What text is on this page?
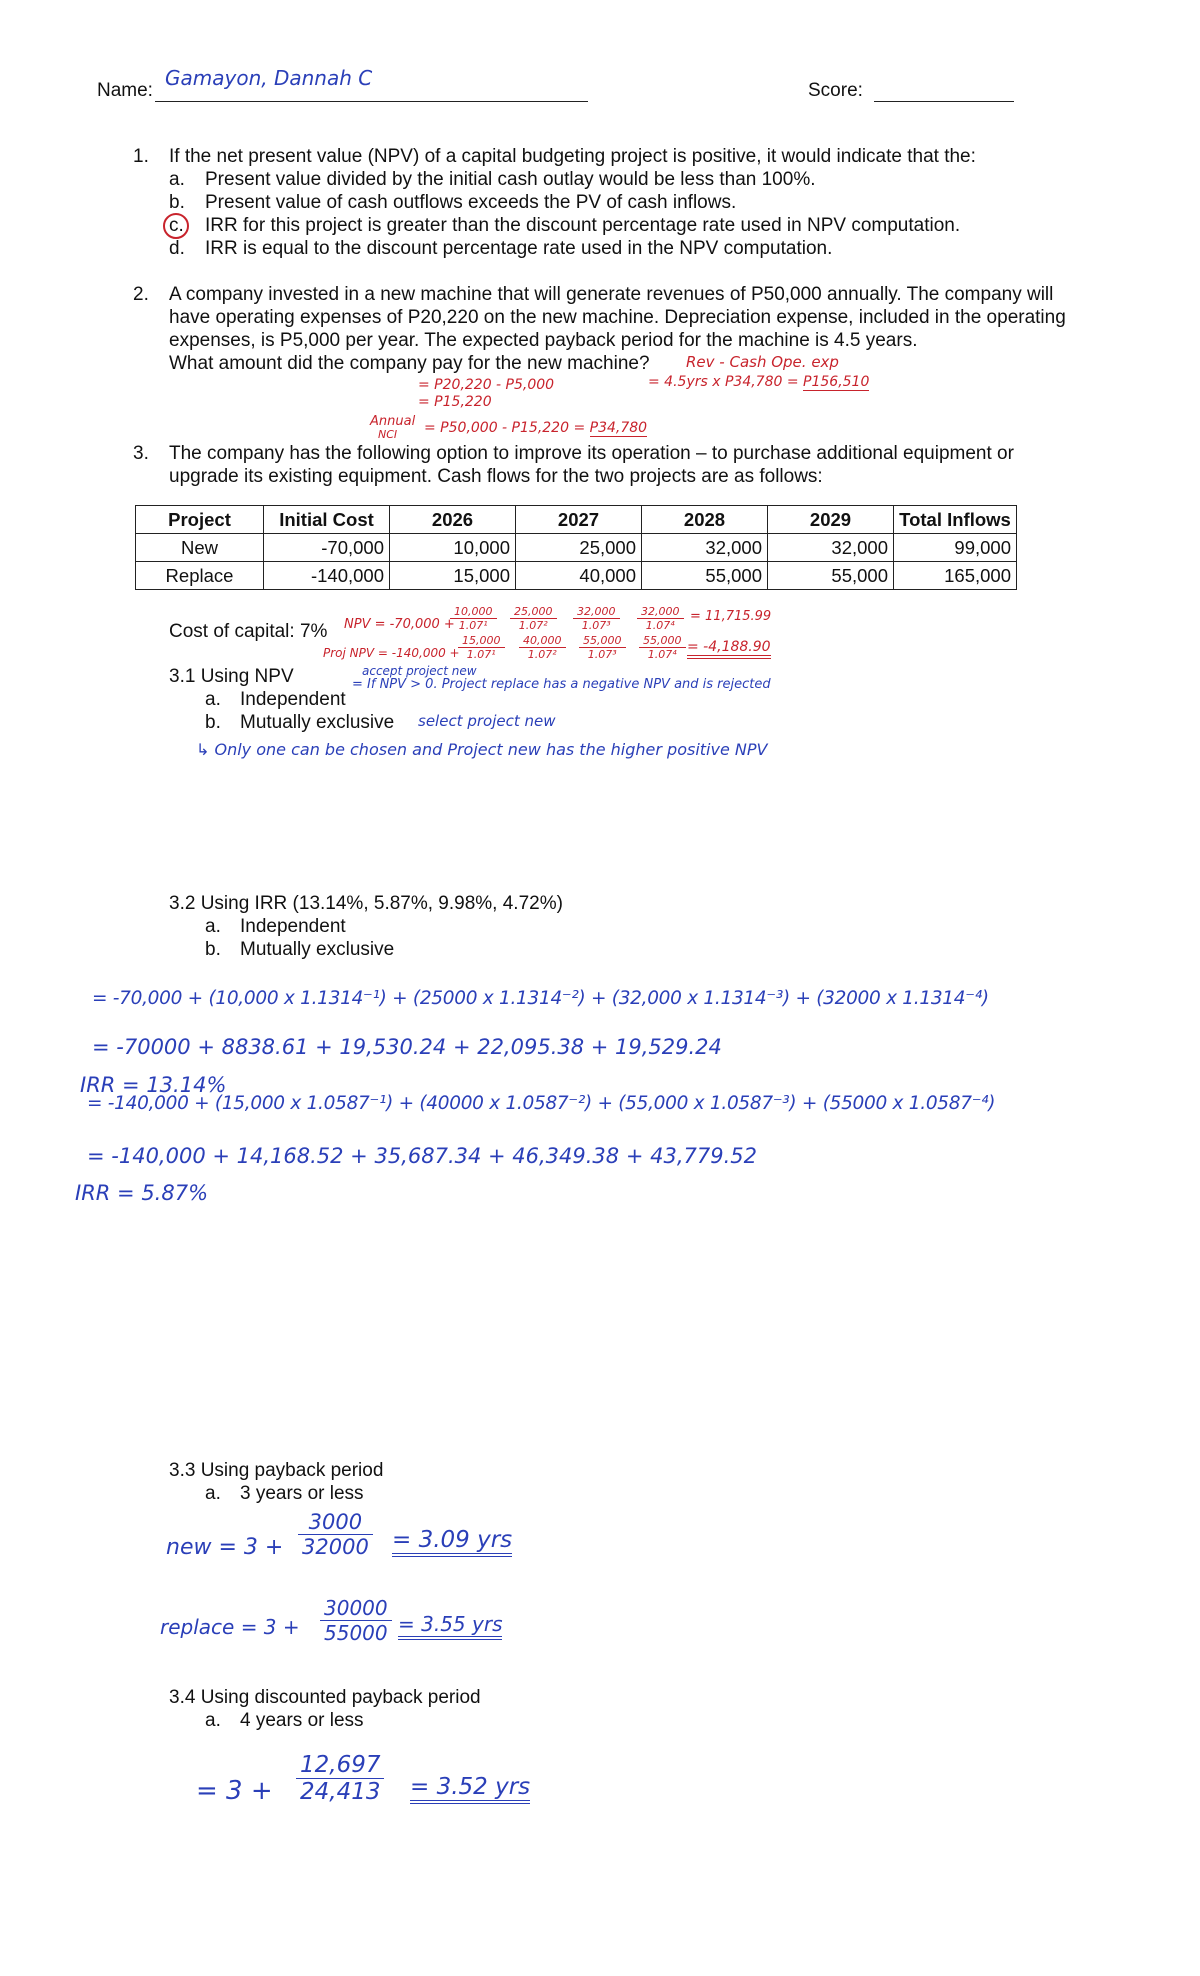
Name:
Gamayon, Dannah C
Score:
1. If the net present value (NPV) of a capital budgeting project is positive, it would indicate that the:
a. Present value divided by the initial cash outlay would be less than 100%.
b. Present value of cash outflows exceeds the PV of cash inflows.
c. IRR for this project is greater than the discount percentage rate used in NPV computation.
d. IRR is equal to the discount percentage rate used in the NPV computation.
2. A company invested in a new machine that will generate revenues of P50,000 annually. The company will
have operating expenses of P20,220 on the new machine. Depreciation expense, included in the operating
expenses, is P5,000 per year. The expected payback period for the machine is 4.5 years.
What amount did the company pay for the new machine? Rev - Cash Ope. exp
= P20,220 - P5,000
= P15,220
Annual
NCI = P50,000 - P15,220 = P34,780
= 4.5yrs x P34,780 = P156,510
3. The company has the following option to improve its operation – to purchase additional equipment or
upgrade its existing equipment. Cash flows for the two projects are as follows:
Project	Initial Cost	2026	2027	2028	2029	Total Inflows
New	-70,000	10,000	25,000	32,000	32,000	99,000
Replace	-140,000	15,000	40,000	55,000	55,000	165,000
NPV = -70,000 +
$\frac{10,000}{\text{1.07¹}} \frac{25,000}{\text{1.07²}} \frac{32,000}{\text{1.07³}} \frac{32,000}{\text{1.07⁴}} = 11,715.99$
Cost of capital: 7%
Proj NPV = -140,000 +
$\frac{15,000}{\text{1.07¹}} \frac{40,000}{\text{1.07²}} \frac{55,000}{\text{1.07³}} \frac{55,000}{\text{1.07⁴}} = -4,188.90$
3.1 Using NPV	accept project new
a. Independent
= If NPV > 0. Project replace has a negative NPV and is rejected
b. Mutually exclusive select project new
↳ Only one can be chosen and Project new has the higher positive NPV
3.2 Using IRR (13.14%, 5.87%, 9.98%, 4.72%)
a. Independent
b. Mutually exclusive
= -70,000 + (10,000 x 1.1314⁻¹) + (25000 x 1.1314⁻²) + (32,000 x 1.1314⁻³) + (32000 x 1.1314⁻⁴)
= -70000 + 8838.61 + 19,530.24 + 22,095.38 + 19,529.24
IRR = 13.14%
= -140,000 + (15,000 x 1.0587⁻¹) + (40000 x 1.0587⁻²) + (55,000 x 1.0587⁻³) + (55000 x 1.0587⁻⁴)
= -140,000 + 14,168.52 + 35,687.34 + 46,349.38 + 43,779.52
IRR = 5.87%
3.3 Using payback period
a. 3 years or less
new = $3 + \frac{3000}{32000} = 3.09$ yrs
replace = $3 + \frac{30000}{55000} = 3.55$ yrs
3.4 Using discounted payback period
a. 4 years or less
= $3 + \frac{12,697}{24,413} = 3.52$ yrs
